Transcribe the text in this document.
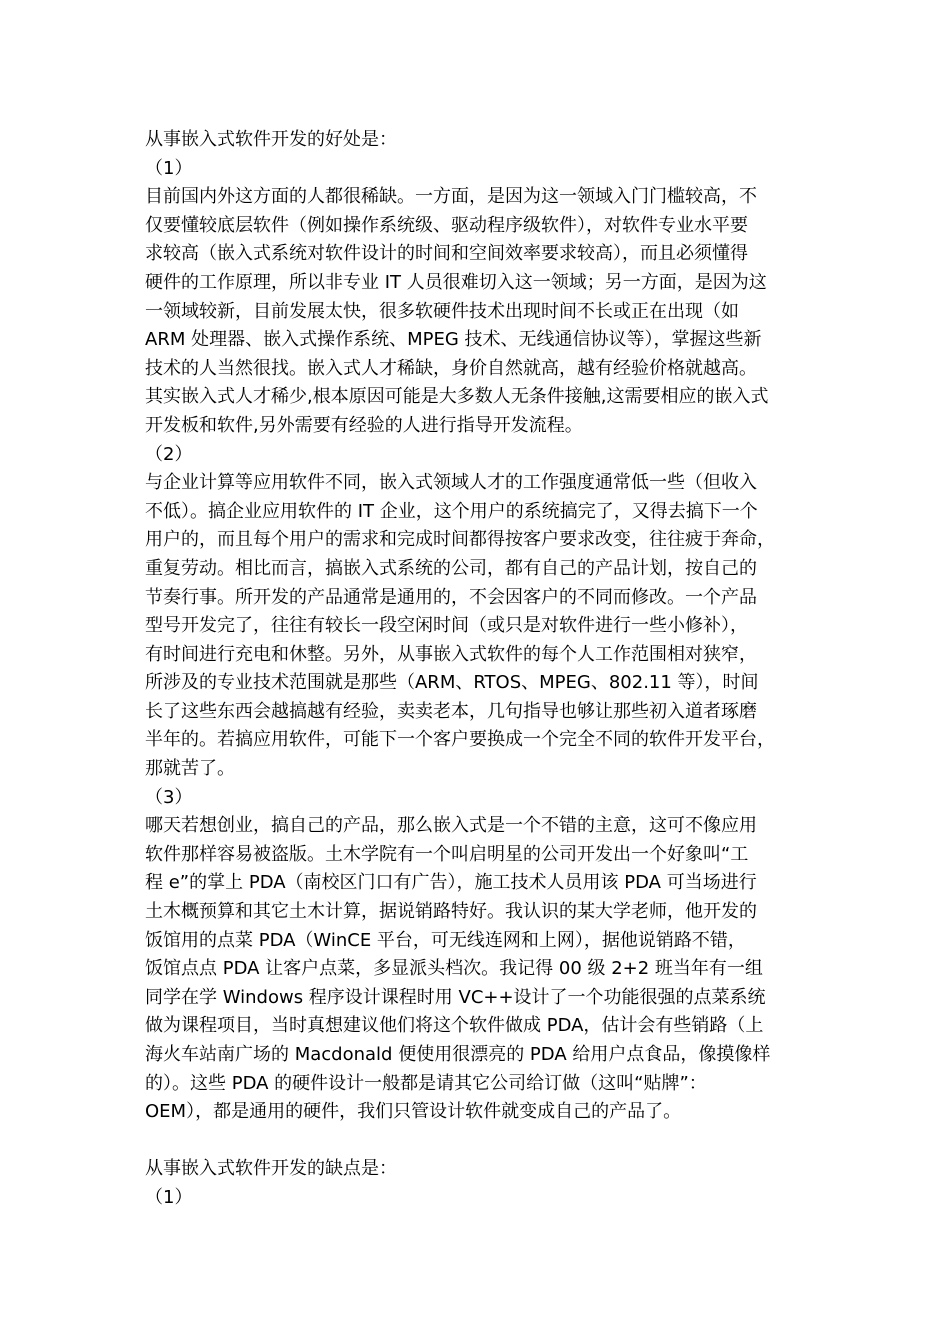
从事嵌入式软件开发的好处是：
（1）
目前国内外这方面的人都很稀缺。一方面，是因为这一领域入门门槛较高，不
仅要懂较底层软件（例如操作系统级、驱动程序级软件），对软件专业水平要
求较高（嵌入式系统对软件设计的时间和空间效率要求较高），而且必须懂得
硬件的工作原理，所以非专业 IT 人员很难切入这一领域；另一方面，是因为这
一领域较新，目前发展太快，很多软硬件技术出现时间不长或正在出现（如
ARM 处理器、嵌入式操作系统、MPEG 技术、无线通信协议等），掌握这些新
技术的人当然很找。嵌入式人才稀缺，身价自然就高，越有经验价格就越高。
其实嵌入式人才稀少,根本原因可能是大多数人无条件接触,这需要相应的嵌入式
开发板和软件,另外需要有经验的人进行指导开发流程。
（2）
与企业计算等应用软件不同，嵌入式领域人才的工作强度通常低一些（但收入
不低）。搞企业应用软件的 IT 企业，这个用户的系统搞完了，又得去搞下一个
用户的，而且每个用户的需求和完成时间都得按客户要求改变，往往疲于奔命，
重复劳动。相比而言，搞嵌入式系统的公司，都有自己的产品计划，按自己的
节奏行事。所开发的产品通常是通用的，不会因客户的不同而修改。一个产品
型号开发完了，往往有较长一段空闲时间（或只是对软件进行一些小修补），
有时间进行充电和休整。另外，从事嵌入式软件的每个人工作范围相对狭窄，
所涉及的专业技术范围就是那些（ARM、RTOS、MPEG、802.11 等），时间
长了这些东西会越搞越有经验，卖卖老本，几句指导也够让那些初入道者琢磨
半年的。若搞应用软件，可能下一个客户要换成一个完全不同的软件开发平台，
那就苦了。
（3）
哪天若想创业，搞自己的产品，那么嵌入式是一个不错的主意，这可不像应用
软件那样容易被盗版。土木学院有一个叫启明星的公司开发出一个好象叫“工
程 e”的掌上 PDA（南校区门口有广告），施工技术人员用该 PDA 可当场进行
土木概预算和其它土木计算，据说销路特好。我认识的某大学老师，他开发的
饭馆用的点菜 PDA（WinCE 平台，可无线连网和上网），据他说销路不错，
饭馆点点 PDA 让客户点菜，多显派头档次。我记得 00 级 2+2 班当年有一组
同学在学 Windows 程序设计课程时用 VC++设计了一个功能很强的点菜系统
做为课程项目，当时真想建议他们将这个软件做成 PDA，估计会有些销路（上
海火车站南广场的 Macdonald 便使用很漂亮的 PDA 给用户点食品，像摸像样
的）。这些 PDA 的硬件设计一般都是请其它公司给订做（这叫“贴牌”：
OEM），都是通用的硬件，我们只管设计软件就变成自己的产品了。
从事嵌入式软件开发的缺点是：
（1）
